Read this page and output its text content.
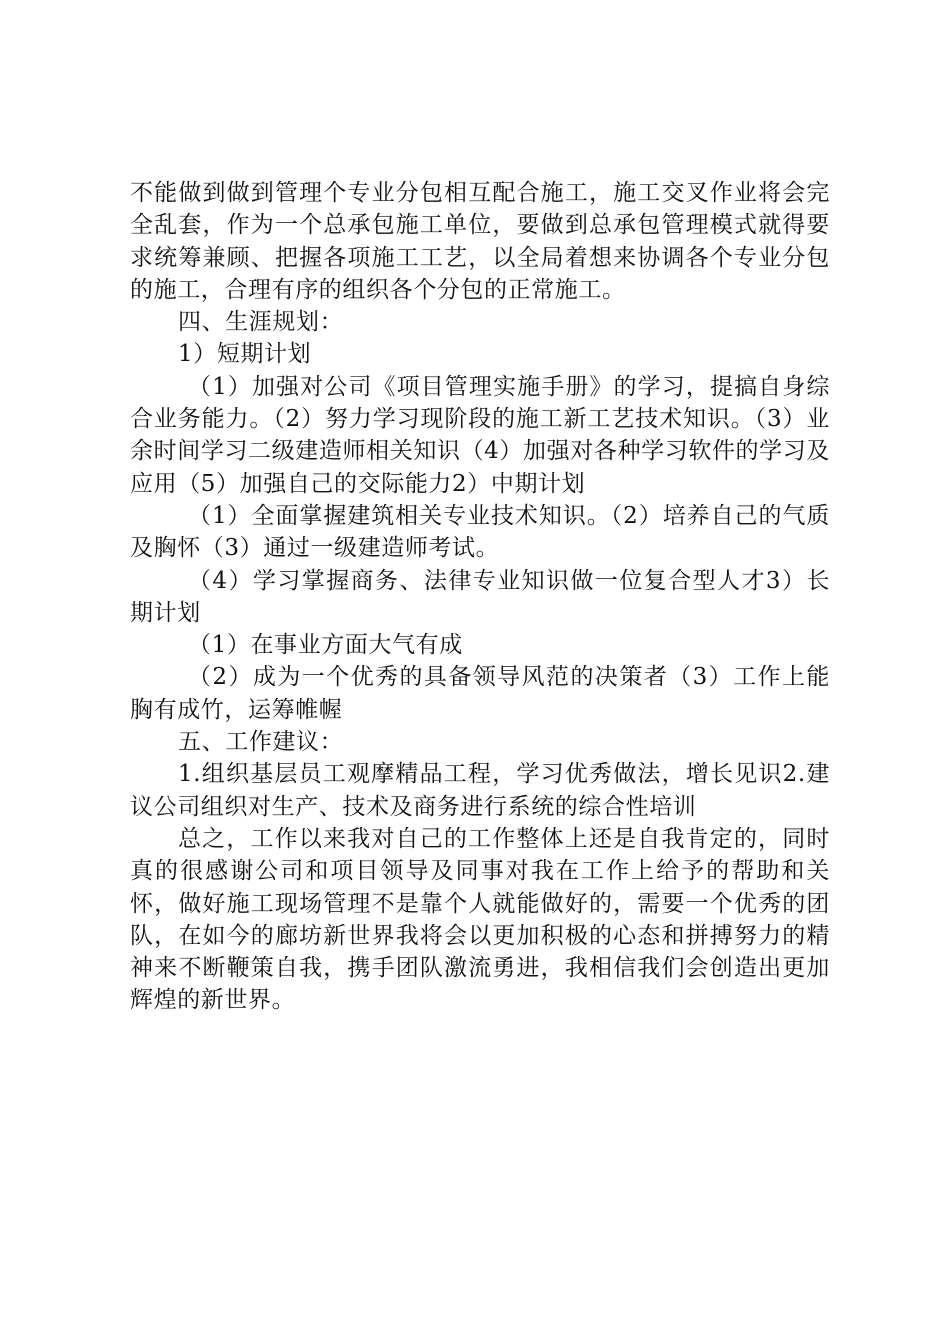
不能做到做到管理个专业分包相互配合施工，施工交叉作业将会完全乱套，作为一个总承包施工单位，要做到总承包管理模式就得要求统筹兼顾、把握各项施工工艺，以全局着想来协调各个专业分包的施工，合理有序的组织各个分包的正常施工。

四、生涯规划：

1）短期计划

（1）加强对公司《项目管理实施手册》的学习，提搞自身综合业务能力。（2）努力学习现阶段的施工新工艺技术知识。（3）业余时间学习二级建造师相关知识（4）加强对各种学习软件的学习及应用（5）加强自己的交际能力2）中期计划

（1）全面掌握建筑相关专业技术知识。（2）培养自己的气质及胸怀（3）通过一级建造师考试。

（4）学习掌握商务、法律专业知识做一位复合型人才3）长期计划

（1）在事业方面大气有成

（2）成为一个优秀的具备领导风范的决策者（3）工作上能胸有成竹，运筹帷幄

五、工作建议：

1.组织基层员工观摩精品工程，学习优秀做法，增长见识2.建议公司组织对生产、技术及商务进行系统的综合性培训

总之，工作以来我对自己的工作整体上还是自我肯定的，同时真的很感谢公司和项目领导及同事对我在工作上给予的帮助和关怀，做好施工现场管理不是靠个人就能做好的，需要一个优秀的团队，在如今的廊坊新世界我将会以更加积极的心态和拼搏努力的精神来不断鞭策自我，携手团队激流勇进，我相信我们会创造出更加辉煌的新世界。
